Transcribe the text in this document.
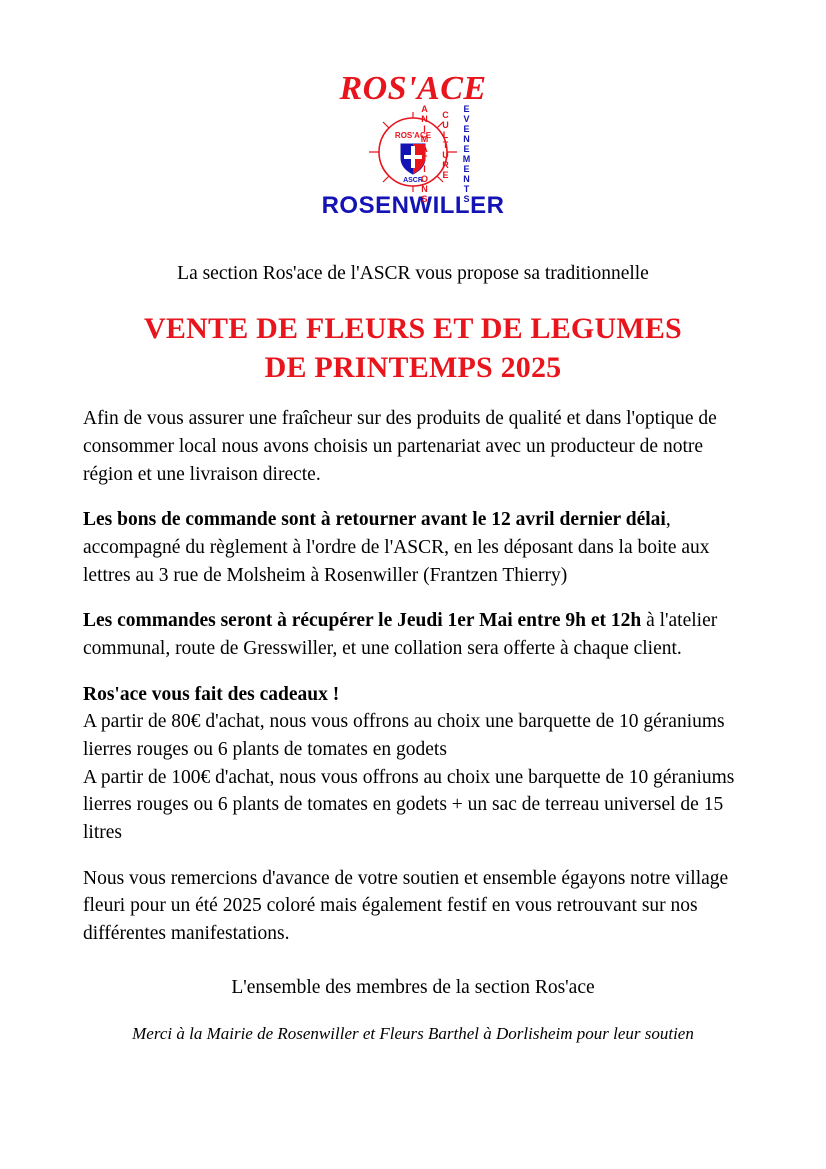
ROS'ACE
ROS'ACE
ASCR
ANIMATIONS CULTURE EVENEMENTS
ROSENWILLER
La section Ros'ace de l'ASCR vous propose sa traditionnelle
VENTE DE FLEURS ET DE LEGUMES
DE PRINTEMPS 2025
Afin de vous assurer une fraîcheur sur des produits de qualité et dans l'optique de consommer local nous avons choisis un partenariat avec un producteur de notre région et une livraison directe.
Les bons de commande sont à retourner avant le 12 avril dernier délai, accompagné du règlement à l'ordre de l'ASCR, en les déposant dans la boite aux lettres au 3 rue de Molsheim à Rosenwiller (Frantzen Thierry)
Les commandes seront à récupérer le Jeudi 1er Mai entre 9h et 12h à l'atelier communal, route de Gresswiller, et une collation sera offerte à chaque client.
Ros'ace vous fait des cadeaux !
A partir de 80€ d'achat, nous vous offrons au choix une barquette de 10 géraniums lierres rouges ou 6 plants de tomates en godets
A partir de 100€ d'achat, nous vous offrons au choix une barquette de 10 géraniums lierres rouges ou 6 plants de tomates en godets + un sac de terreau universel de 15 litres
Nous vous remercions d'avance de votre soutien et ensemble égayons notre village fleuri pour un été 2025 coloré mais également festif en vous retrouvant sur nos différentes manifestations.
L'ensemble des membres de la section Ros'ace
Merci à la Mairie de Rosenwiller et Fleurs Barthel à Dorlisheim pour leur soutien
